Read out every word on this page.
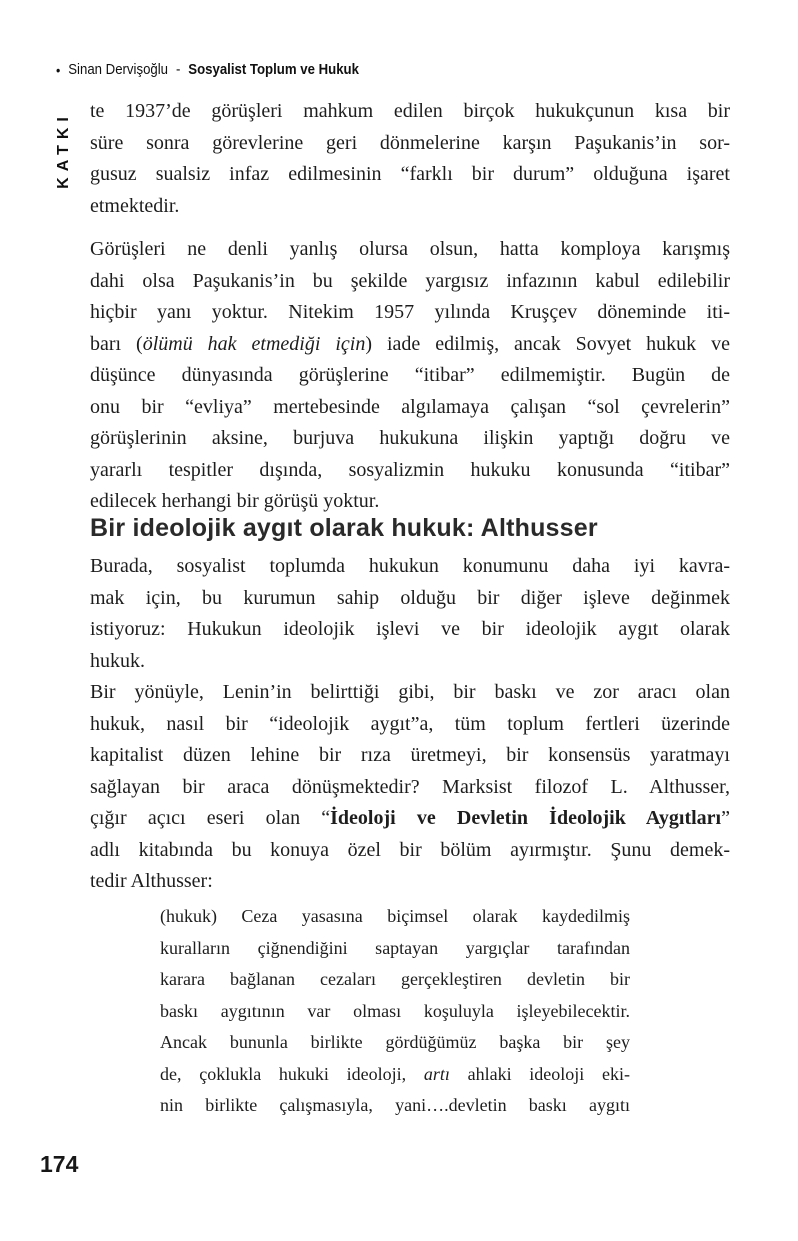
• Sinan Dervişoğlu - Sosyalist Toplum ve Hukuk
KATKI
te 1937’de görüşleri mahkum edilen birçok hukukçunun kısa bir
süre sonra görevlerine geri dönmelerine karşın Paşukanis’in sor-
gusuz sualsiz infaz edilmesinin “farklı bir durum” olduğuna işaret
etmektedir.
Görüşleri ne denli yanlış olursa olsun, hatta komploya karışmış
dahi olsa Paşukanis’in bu şekilde yargısız infazının kabul edilebilir
hiçbir yanı yoktur. Nitekim 1957 yılında Kruşçev döneminde iti-
barı (ölümü hak etmediği için) iade edilmiş, ancak Sovyet hukuk ve
düşünce dünyasında görüşlerine “itibar” edilmemiştir. Bugün de
onu bir “evliya” mertebesinde algılamaya çalışan “sol çevrelerin”
görüşlerinin aksine, burjuva hukukuna ilişkin yaptığı doğru ve
yararlı tespitler dışında, sosyalizmin hukuku konusunda “itibar”
edilecek herhangi bir görüşü yoktur.
Bir ideolojik aygıt olarak hukuk: Althusser
Burada, sosyalist toplumda hukukun konumunu daha iyi kavra-
mak için, bu kurumun sahip olduğu bir diğer işleve değinmek
istiyoruz: Hukukun ideolojik işlevi ve bir ideolojik aygıt olarak
hukuk.
Bir yönüyle, Lenin’in belirttiği gibi, bir baskı ve zor aracı olan
hukuk, nasıl bir “ideolojik aygıt”a, tüm toplum fertleri üzerinde
kapitalist düzen lehine bir rıza üretmeyi, bir konsensüs yaratmayı
sağlayan bir araca dönüşmektedir? Marksist filozof L. Althusser,
çığır açıcı eseri olan “İdeoloji ve Devletin İdeolojik Aygıtları”
adlı kitabında bu konuya özel bir bölüm ayırmıştır. Şunu demek-
tedir Althusser:
(hukuk) Ceza yasasına biçimsel olarak kaydedilmiş
kuralların çiğnendiğini saptayan yargıçlar tarafından
karara bağlanan cezaları gerçekleştiren devletin bir
baskı aygıtının var olması koşuluyla işleyebilecektir.
Ancak bununla birlikte gördüğümüz başka bir şey
de, çoklukla hukuki ideoloji, artı ahlaki ideoloji eki-
nin birlikte çalışmasıyla, yani….devletin baskı aygıtı
174
